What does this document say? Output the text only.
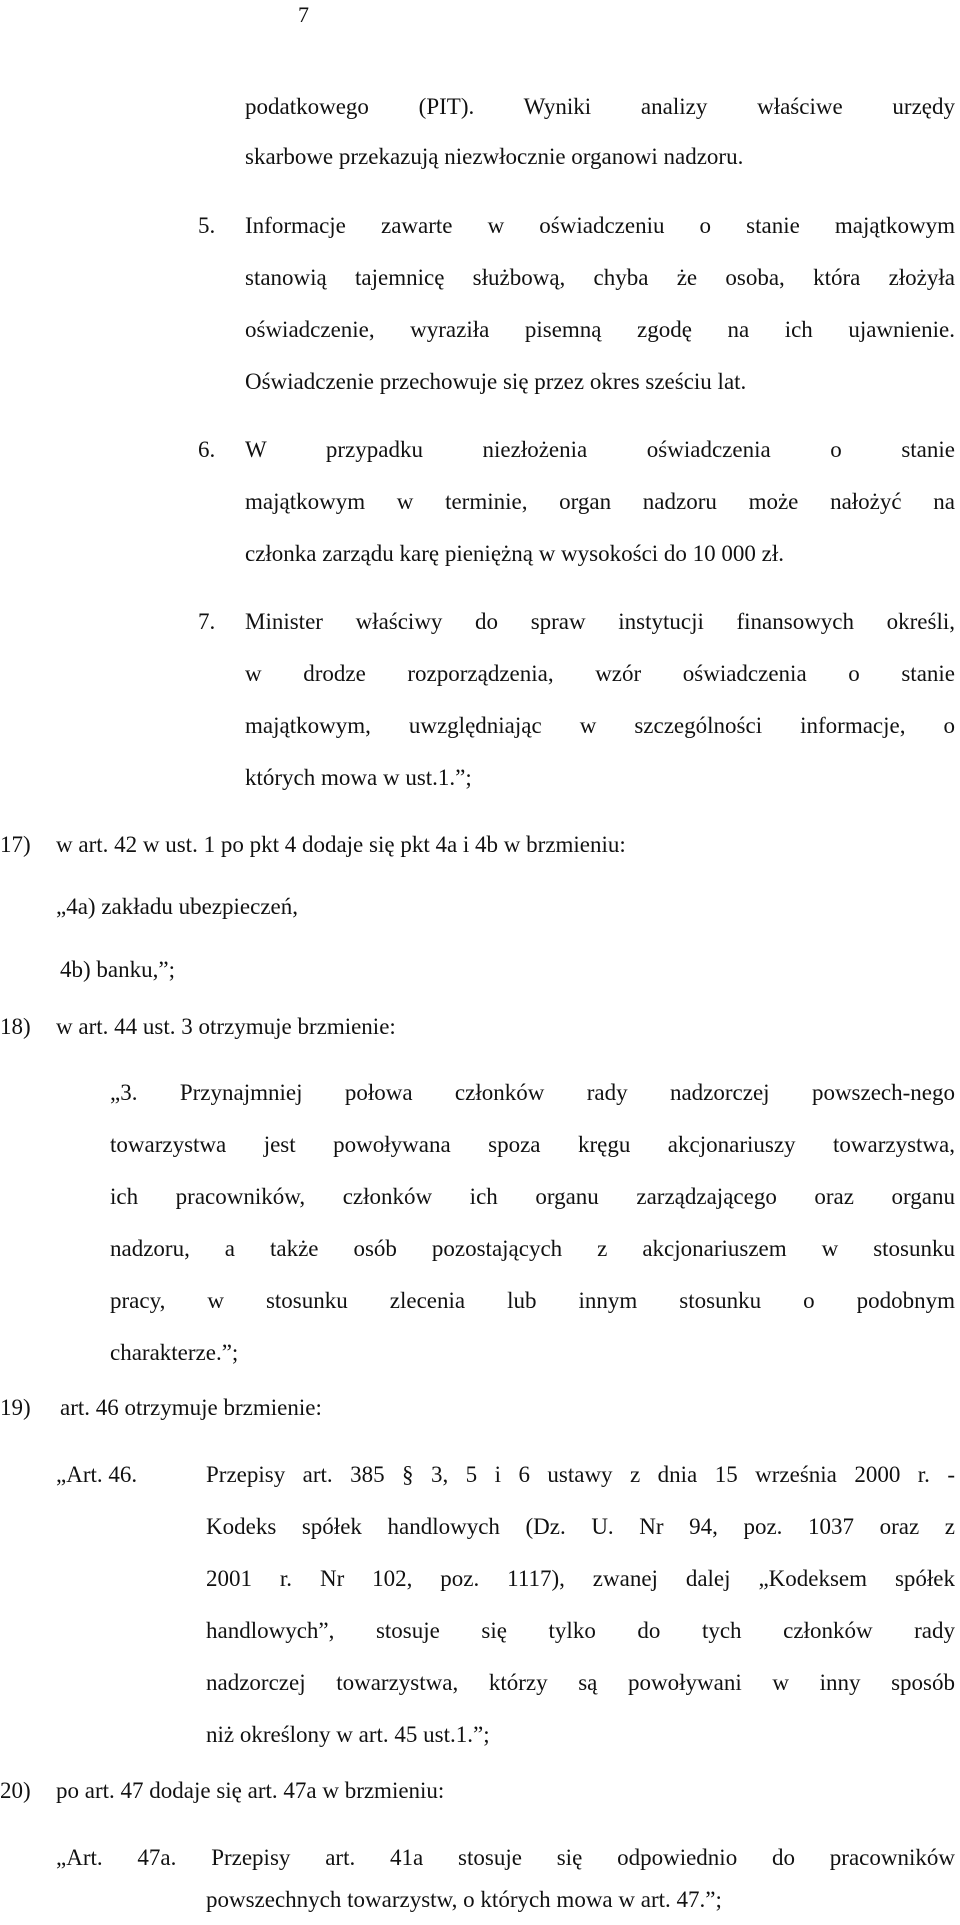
7
podatkowego (PIT). Wyniki analizy właściwe urzędy
skarbowe przekazują niezwłocznie organowi nadzoru.
5. Informacje zawarte w oświadczeniu o stanie majątkowym
stanowią tajemnicę służbową, chyba że osoba, która złożyła
oświadczenie, wyraziła pisemną zgodę na ich ujawnienie.
Oświadczenie przechowuje się przez okres sześciu lat.
6. W przypadku niezłożenia oświadczenia o stanie
majątkowym w terminie, organ nadzoru może nałożyć na
członka zarządu karę pieniężną w wysokości do 10 000 zł.
7. Minister właściwy do spraw instytucji finansowych określi,
w drodze rozporządzenia, wzór oświadczenia o stanie
majątkowym, uwzględniając w szczególności informacje, o
których mowa w ust.1.”;
17) w art. 42 w ust. 1 po pkt 4 dodaje się pkt 4a i 4b w brzmieniu:
„4a) zakładu ubezpieczeń,
4b) banku,”;
18) w art. 44 ust. 3 otrzymuje brzmienie:
„3. Przynajmniej połowa członków rady nadzorczej powszech-nego
towarzystwa jest powoływana spoza kręgu akcjonariuszy towarzystwa,
ich pracowników, członków ich organu zarządzającego oraz organu
nadzoru, a także osób pozostających z akcjonariuszem w stosunku
pracy, w stosunku zlecenia lub innym stosunku o podobnym
charakterze.”;
19) art. 46 otrzymuje brzmienie:
„Art. 46.	Przepisy art. 385 § 3, 5 i 6 ustawy z dnia 15 września 2000 r. -
Kodeks spółek handlowych (Dz. U. Nr 94, poz. 1037 oraz z
2001 r. Nr 102, poz. 1117), zwanej dalej „Kodeksem spółek
handlowych”, stosuje się tylko do tych członków rady
nadzorczej towarzystwa, którzy są powoływani w inny sposób
niż określony w art. 45 ust.1.”;
20) po art. 47 dodaje się art. 47a w brzmieniu:
„Art. 47a. Przepisy art. 41a stosuje się odpowiednio do pracowników
powszechnych towarzystw, o których mowa w art. 47.”;
